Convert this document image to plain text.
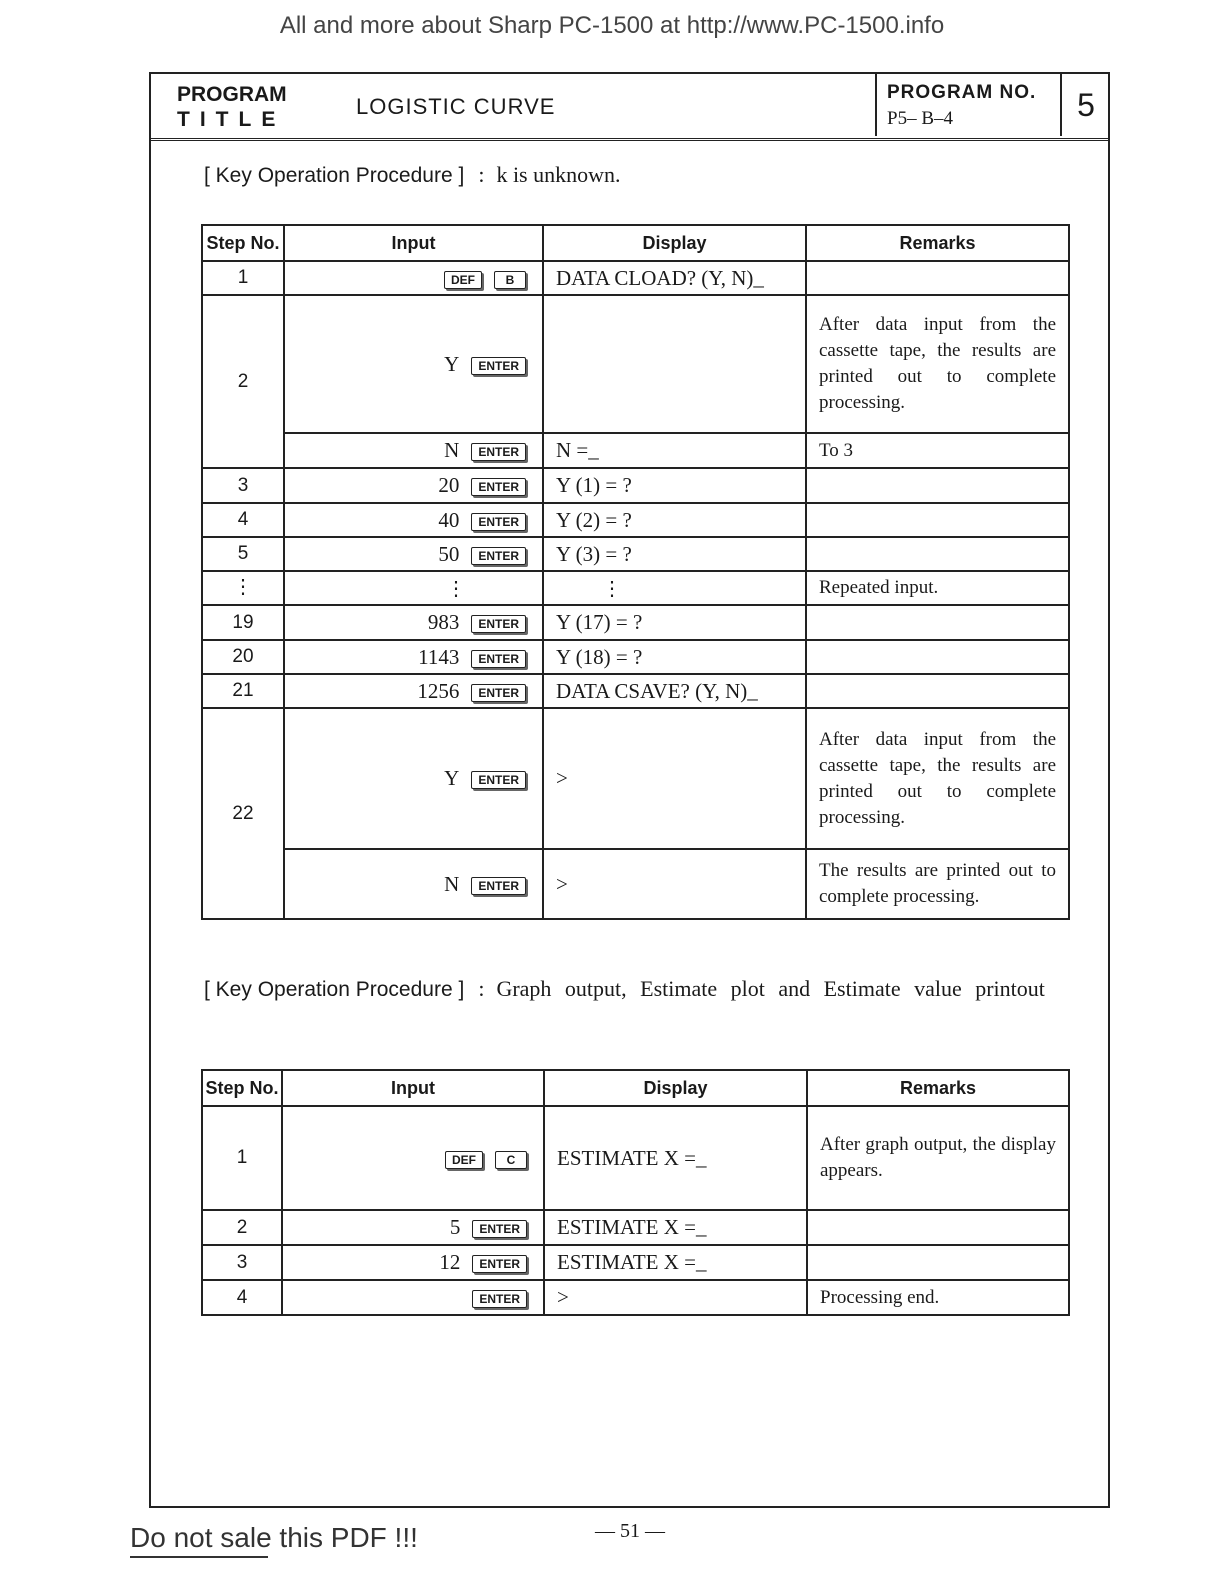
All and more about Sharp PC-1500 at http://www.PC-1500.info
PROGRAM
TITLE
LOGISTIC CURVE
PROGRAM NO.
P5– B–4	5
[ Key Operation Procedure ] : k is unknown.
Step No.	Input	Display	Remarks
1	DEF B	DATA CLOAD? (Y, N)_	
2	Y ENTER		After data input from the cassette tape, the results are printed out to complete processing.
	N ENTER	N =_	To 3
3	20 ENTER	Y (1) = ?	
4	40 ENTER	Y (2) = ?	
5	50 ENTER	Y (3) = ?	
⋮	⋮	⋮	Repeated input.
19	983 ENTER	Y (17) = ?	
20	1143 ENTER	Y (18) = ?	
21	1256 ENTER	DATA CSAVE? (Y, N)_	
22	Y ENTER	>	After data input from the cassette tape, the results are printed out to complete processing.
	N ENTER	>	The results are printed out to complete processing.
[ Key Operation Procedure ] : Graph output, Estimate plot and Estimate value printout
Step No.	Input	Display	Remarks
1	DEF C	ESTIMATE X =_	After graph output, the display appears.
2	5 ENTER	ESTIMATE X =_	
3	12 ENTER	ESTIMATE X =_	
4	ENTER	>	Processing end.
Do not sale this PDF !!!	— 51 —
